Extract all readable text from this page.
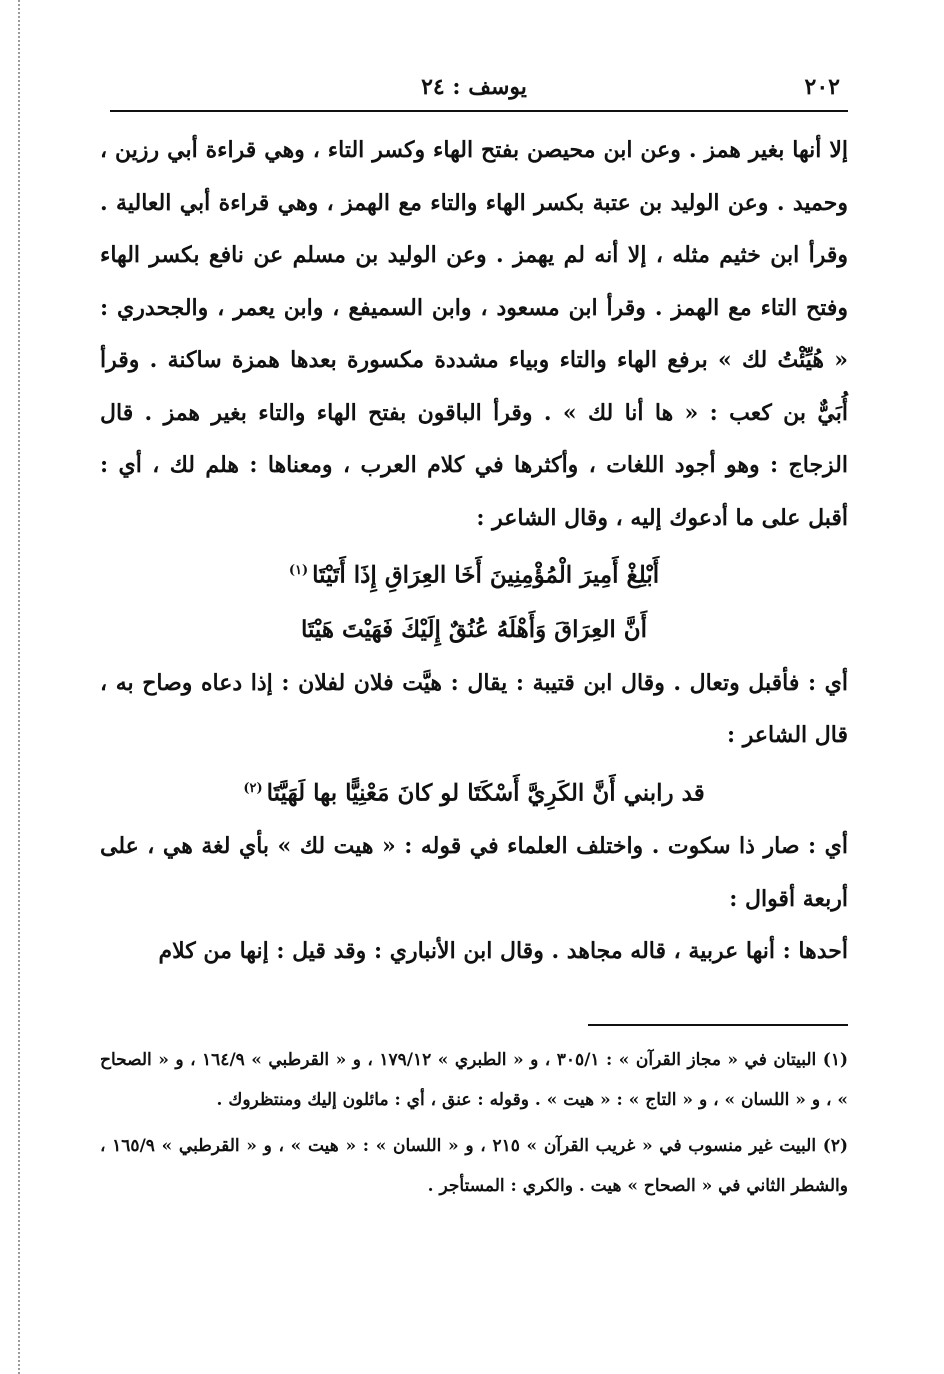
٢٠٢
يوسف : ٢٤

إلا أنها بغير همز . وعن ابن محيصن بفتح الهاء وكسر التاء ، وهي قراءة أبي رزين ، وحميد . وعن الوليد بن عتبة بكسر الهاء والتاء مع الهمز ، وهي قراءة أبي العالية . وقرأ ابن خثيم مثله ، إلا أنه لم يهمز . وعن الوليد بن مسلم عن نافع بكسر الهاء وفتح التاء مع الهمز . وقرأ ابن مسعود ، وابن السميفع ، وابن يعمر ، والجحدري : « هُيِّئْتُ لك » برفع الهاء والتاء وبياء مشددة مكسورة بعدها همزة ساكنة . وقرأ أُبَيٌّ بن كعب : « ها أنا لك » . وقرأ الباقون بفتح الهاء والتاء بغير همز . قال الزجاج : وهو أجود اللغات ، وأكثرها في كلام العرب ، ومعناها : هلم لك ، أي : أقبل على ما أدعوك إليه ، وقال الشاعر :

أَبْلِغْ أَمِيرَ الْمُؤْمِنِينَ أَخَا العِرَاقِ إِذَا أَتَيْتَا$^{(١)}$
أَنَّ العِرَاقَ وَأَهْلَهُ عُنُقٌ إِلَيْكَ فَهَيْتَ هَيْتَا

أي : فأقبل وتعال . وقال ابن قتيبة : يقال : هيَّت فلان لفلان : إذا دعاه وصاح به ، قال الشاعر :

قد رابني أَنَّ الكَرِيَّ أَسْكَتَا لو كانَ مَعْنِيًّا بها لَهَيَّتَا$^{(٢)}$

أي : صار ذا سكوت . واختلف العلماء في قوله : « هيت لك » بأي لغة هي ، على أربعة أقوال :

أحدها : أنها عربية ، قاله مجاهد . وقال ابن الأنباري : وقد قيل : إنها من كلام

(١) البيتان في « مجاز القرآن » : ٣٠٥/١ ، و « الطبري » ١٧٩/١٢ ، و « القرطبي » ١٦٤/٩ ، و « الصحاح » ، و « اللسان » ، و « التاج » : « هيت » . وقوله : عنق ، أي : مائلون إليك ومنتظروك .

(٢) البيت غير منسوب في « غريب القرآن » ٢١٥ ، و « اللسان » : « هيت » ، و « القرطبي » ١٦٥/٩ ، والشطر الثاني في « الصحاح » هيت . والكري : المستأجر .
